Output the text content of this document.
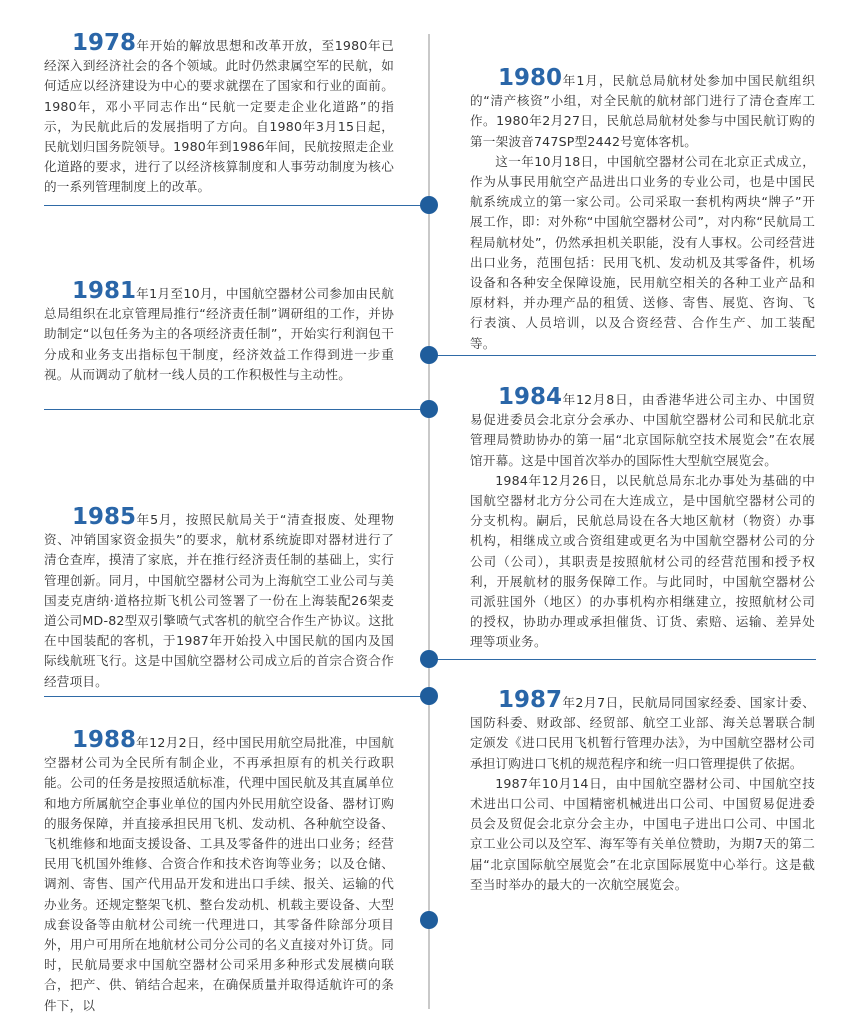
1978年开始的解放思想和改革开放，至1980年已经深入到经济社会的各个领域。此时仍然隶属空军的民航，如何适应以经济建设为中心的要求就摆在了国家和行业的面前。1980年，邓小平同志作出“民航一定要走企业化道路”的指示，为民航此后的发展指明了方向。自1980年3月15日起，民航划归国务院领导。1980年到1986年间，民航按照走企业化道路的要求，进行了以经济核算制度和人事劳动制度为核心的一系列管理制度上的改革。

1980年1月，民航总局航材处参加中国民航组织的“清产核资”小组，对全民航的航材部门进行了清仓查库工作。1980年2月27日，民航总局航材处参与中国民航订购的第一架波音747SP型2442号宽体客机。

这一年10月18日，中国航空器材公司在北京正式成立，作为从事民用航空产品进出口业务的专业公司，也是中国民航系统成立的第一家公司。公司采取一套机构两块“牌子”开展工作，即：对外称“中国航空器材公司”，对内称“民航局工程局航材处”，仍然承担机关职能，没有人事权。公司经营进出口业务，范围包括：民用飞机、发动机及其零备件，机场设备和各种安全保障设施，民用航空相关的各种工业产品和原材料，并办理产品的租赁、送修、寄售、展览、咨询、飞行表演、人员培训，以及合资经营、合作生产、加工装配等。

1981年1月至10月，中国航空器材公司参加由民航总局组织在北京管理局推行“经济责任制”调研组的工作，并协助制定“以包任务为主的各项经济责任制”，开始实行利润包干分成和业务支出指标包干制度，经济效益工作得到进一步重视。从而调动了航材一线人员的工作积极性与主动性。

1984年12月8日，由香港华进公司主办、中国贸易促进委员会北京分会承办、中国航空器材公司和民航北京管理局赞助协办的第一届“北京国际航空技术展览会”在农展馆开幕。这是中国首次举办的国际性大型航空展览会。

1984年12月26日，以民航总局东北办事处为基础的中国航空器材北方分公司在大连成立，是中国航空器材公司的分支机构。嗣后，民航总局设在各大地区航材（物资）办事机构，相继成立或合资组建或更名为中国航空器材公司的分公司（公司），其职责是按照航材公司的经营范围和授予权利，开展航材的服务保障工作。与此同时，中国航空器材公司派驻国外（地区）的办事机构亦相继建立，按照航材公司的授权，协助办理或承担催货、订货、索赔、运输、差异处理等项业务。

1985年5月，按照民航局关于“清查报废、处理物资、冲销国家资金损失”的要求，航材系统旋即对器材进行了清仓查库，摸清了家底，并在推行经济责任制的基础上，实行管理创新。同月，中国航空器材公司为上海航空工业公司与美国麦克唐纳·道格拉斯飞机公司签署了一份在上海装配26架麦道公司MD-82型双引擎喷气式客机的航空合作生产协议。这批在中国装配的客机，于1987年开始投入中国民航的国内及国际线航班飞行。这是中国航空器材公司成立后的首宗合资合作经营项目。

1987年2月7日，民航局同国家经委、国家计委、国防科委、财政部、经贸部、航空工业部、海关总署联合制定颁发《进口民用飞机暂行管理办法》，为中国航空器材公司承担订购进口飞机的规范程序和统一归口管理提供了依据。

1987年10月14日，由中国航空器材公司、中国航空技术进出口公司、中国精密机械进出口公司、中国贸易促进委员会及贸促会北京分会主办，中国电子进出口公司、中国北京工业公司以及空军、海军等有关单位赞助，为期7天的第二届“北京国际航空展览会”在北京国际展览中心举行。这是截至当时举办的最大的一次航空展览会。

1988年12月2日，经中国民用航空局批准，中国航空器材公司为全民所有制企业，不再承担原有的机关行政职能。公司的任务是按照适航标准，代理中国民航及其直属单位和地方所属航空企事业单位的国内外民用航空设备、器材订购的服务保障，并直接承担民用飞机、发动机、各种航空设备、飞机维修和地面支援设备、工具及零备件的进出口业务；经营民用飞机国外维修、合资合作和技术咨询等业务；以及仓储、调剂、寄售、国产代用品开发和进出口手续、报关、运输的代办业务。还规定整架飞机、整台发动机、机载主要设备、大型成套设备等由航材公司统一代理进口，其零备件除部分项目外，用户可用所在地航材公司分公司的名义直接对外订货。同时，民航局要求中国航空器材公司采用多种形式发展横向联合，把产、供、销结合起来，在确保质量并取得适航许可的条件下，以
